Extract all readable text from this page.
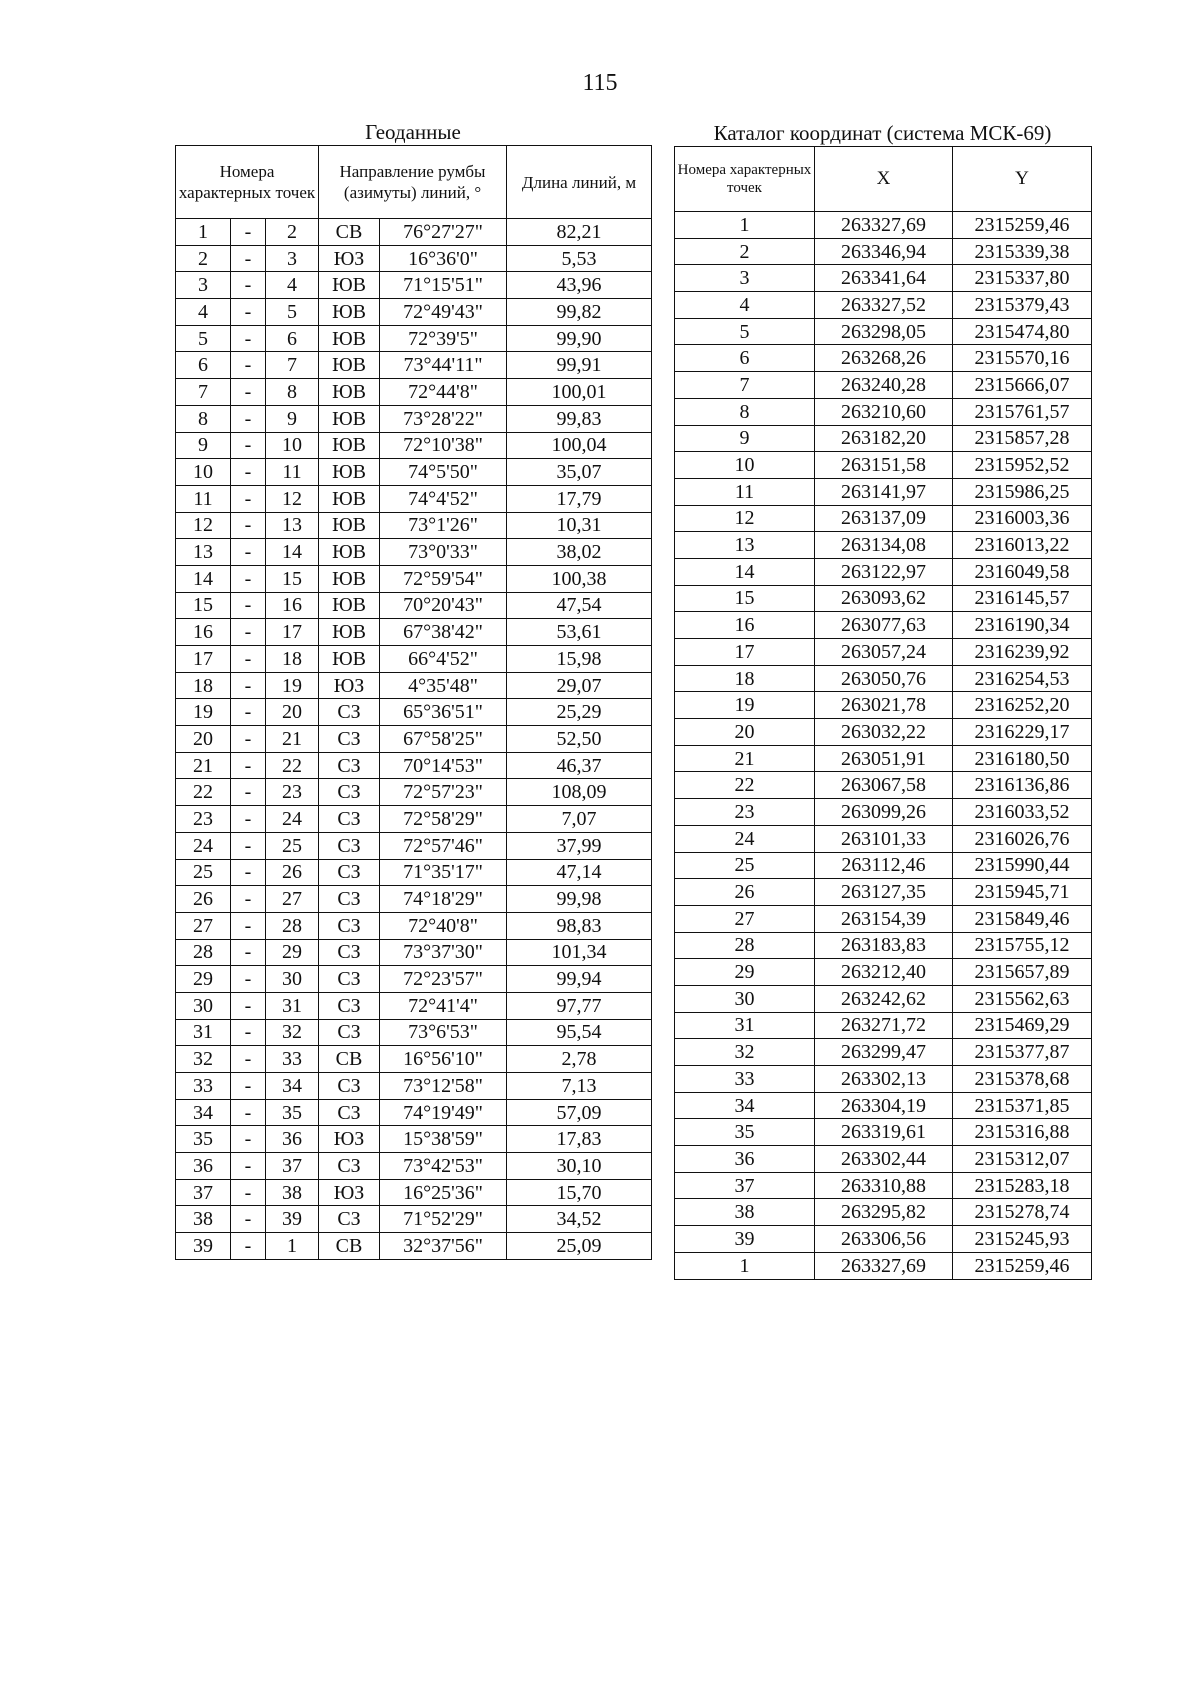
115
Геоданные
Номера характерных точек			Направление румбы (азимуты) линий, °		Длина линий, м
1	-	2	СВ	76°27'27"	82,21
2	-	3	ЮЗ	16°36'0"	5,53
3	-	4	ЮВ	71°15'51"	43,96
4	-	5	ЮВ	72°49'43"	99,82
5	-	6	ЮВ	72°39'5"	99,90
6	-	7	ЮВ	73°44'11"	99,91
7	-	8	ЮВ	72°44'8"	100,01
8	-	9	ЮВ	73°28'22"	99,83
9	-	10	ЮВ	72°10'38"	100,04
10	-	11	ЮВ	74°5'50"	35,07
11	-	12	ЮВ	74°4'52"	17,79
12	-	13	ЮВ	73°1'26"	10,31
13	-	14	ЮВ	73°0'33"	38,02
14	-	15	ЮВ	72°59'54"	100,38
15	-	16	ЮВ	70°20'43"	47,54
16	-	17	ЮВ	67°38'42"	53,61
17	-	18	ЮВ	66°4'52"	15,98
18	-	19	ЮЗ	4°35'48"	29,07
19	-	20	СЗ	65°36'51"	25,29
20	-	21	СЗ	67°58'25"	52,50
21	-	22	СЗ	70°14'53"	46,37
22	-	23	СЗ	72°57'23"	108,09
23	-	24	СЗ	72°58'29"	7,07
24	-	25	СЗ	72°57'46"	37,99
25	-	26	СЗ	71°35'17"	47,14
26	-	27	СЗ	74°18'29"	99,98
27	-	28	СЗ	72°40'8"	98,83
28	-	29	СЗ	73°37'30"	101,34
29	-	30	СЗ	72°23'57"	99,94
30	-	31	СЗ	72°41'4"	97,77
31	-	32	СЗ	73°6'53"	95,54
32	-	33	СВ	16°56'10"	2,78
33	-	34	СЗ	73°12'58"	7,13
34	-	35	СЗ	74°19'49"	57,09
35	-	36	ЮЗ	15°38'59"	17,83
36	-	37	СЗ	73°42'53"	30,10
37	-	38	ЮЗ	16°25'36"	15,70
38	-	39	СЗ	71°52'29"	34,52
39	-	1	СВ	32°37'56"	25,09
Каталог координат (система МСК-69)
Номера характерных точек	X	Y
1	263327,69	2315259,46
2	263346,94	2315339,38
3	263341,64	2315337,80
4	263327,52	2315379,43
5	263298,05	2315474,80
6	263268,26	2315570,16
7	263240,28	2315666,07
8	263210,60	2315761,57
9	263182,20	2315857,28
10	263151,58	2315952,52
11	263141,97	2315986,25
12	263137,09	2316003,36
13	263134,08	2316013,22
14	263122,97	2316049,58
15	263093,62	2316145,57
16	263077,63	2316190,34
17	263057,24	2316239,92
18	263050,76	2316254,53
19	263021,78	2316252,20
20	263032,22	2316229,17
21	263051,91	2316180,50
22	263067,58	2316136,86
23	263099,26	2316033,52
24	263101,33	2316026,76
25	263112,46	2315990,44
26	263127,35	2315945,71
27	263154,39	2315849,46
28	263183,83	2315755,12
29	263212,40	2315657,89
30	263242,62	2315562,63
31	263271,72	2315469,29
32	263299,47	2315377,87
33	263302,13	2315378,68
34	263304,19	2315371,85
35	263319,61	2315316,88
36	263302,44	2315312,07
37	263310,88	2315283,18
38	263295,82	2315278,74
39	263306,56	2315245,93
1	263327,69	2315259,46
